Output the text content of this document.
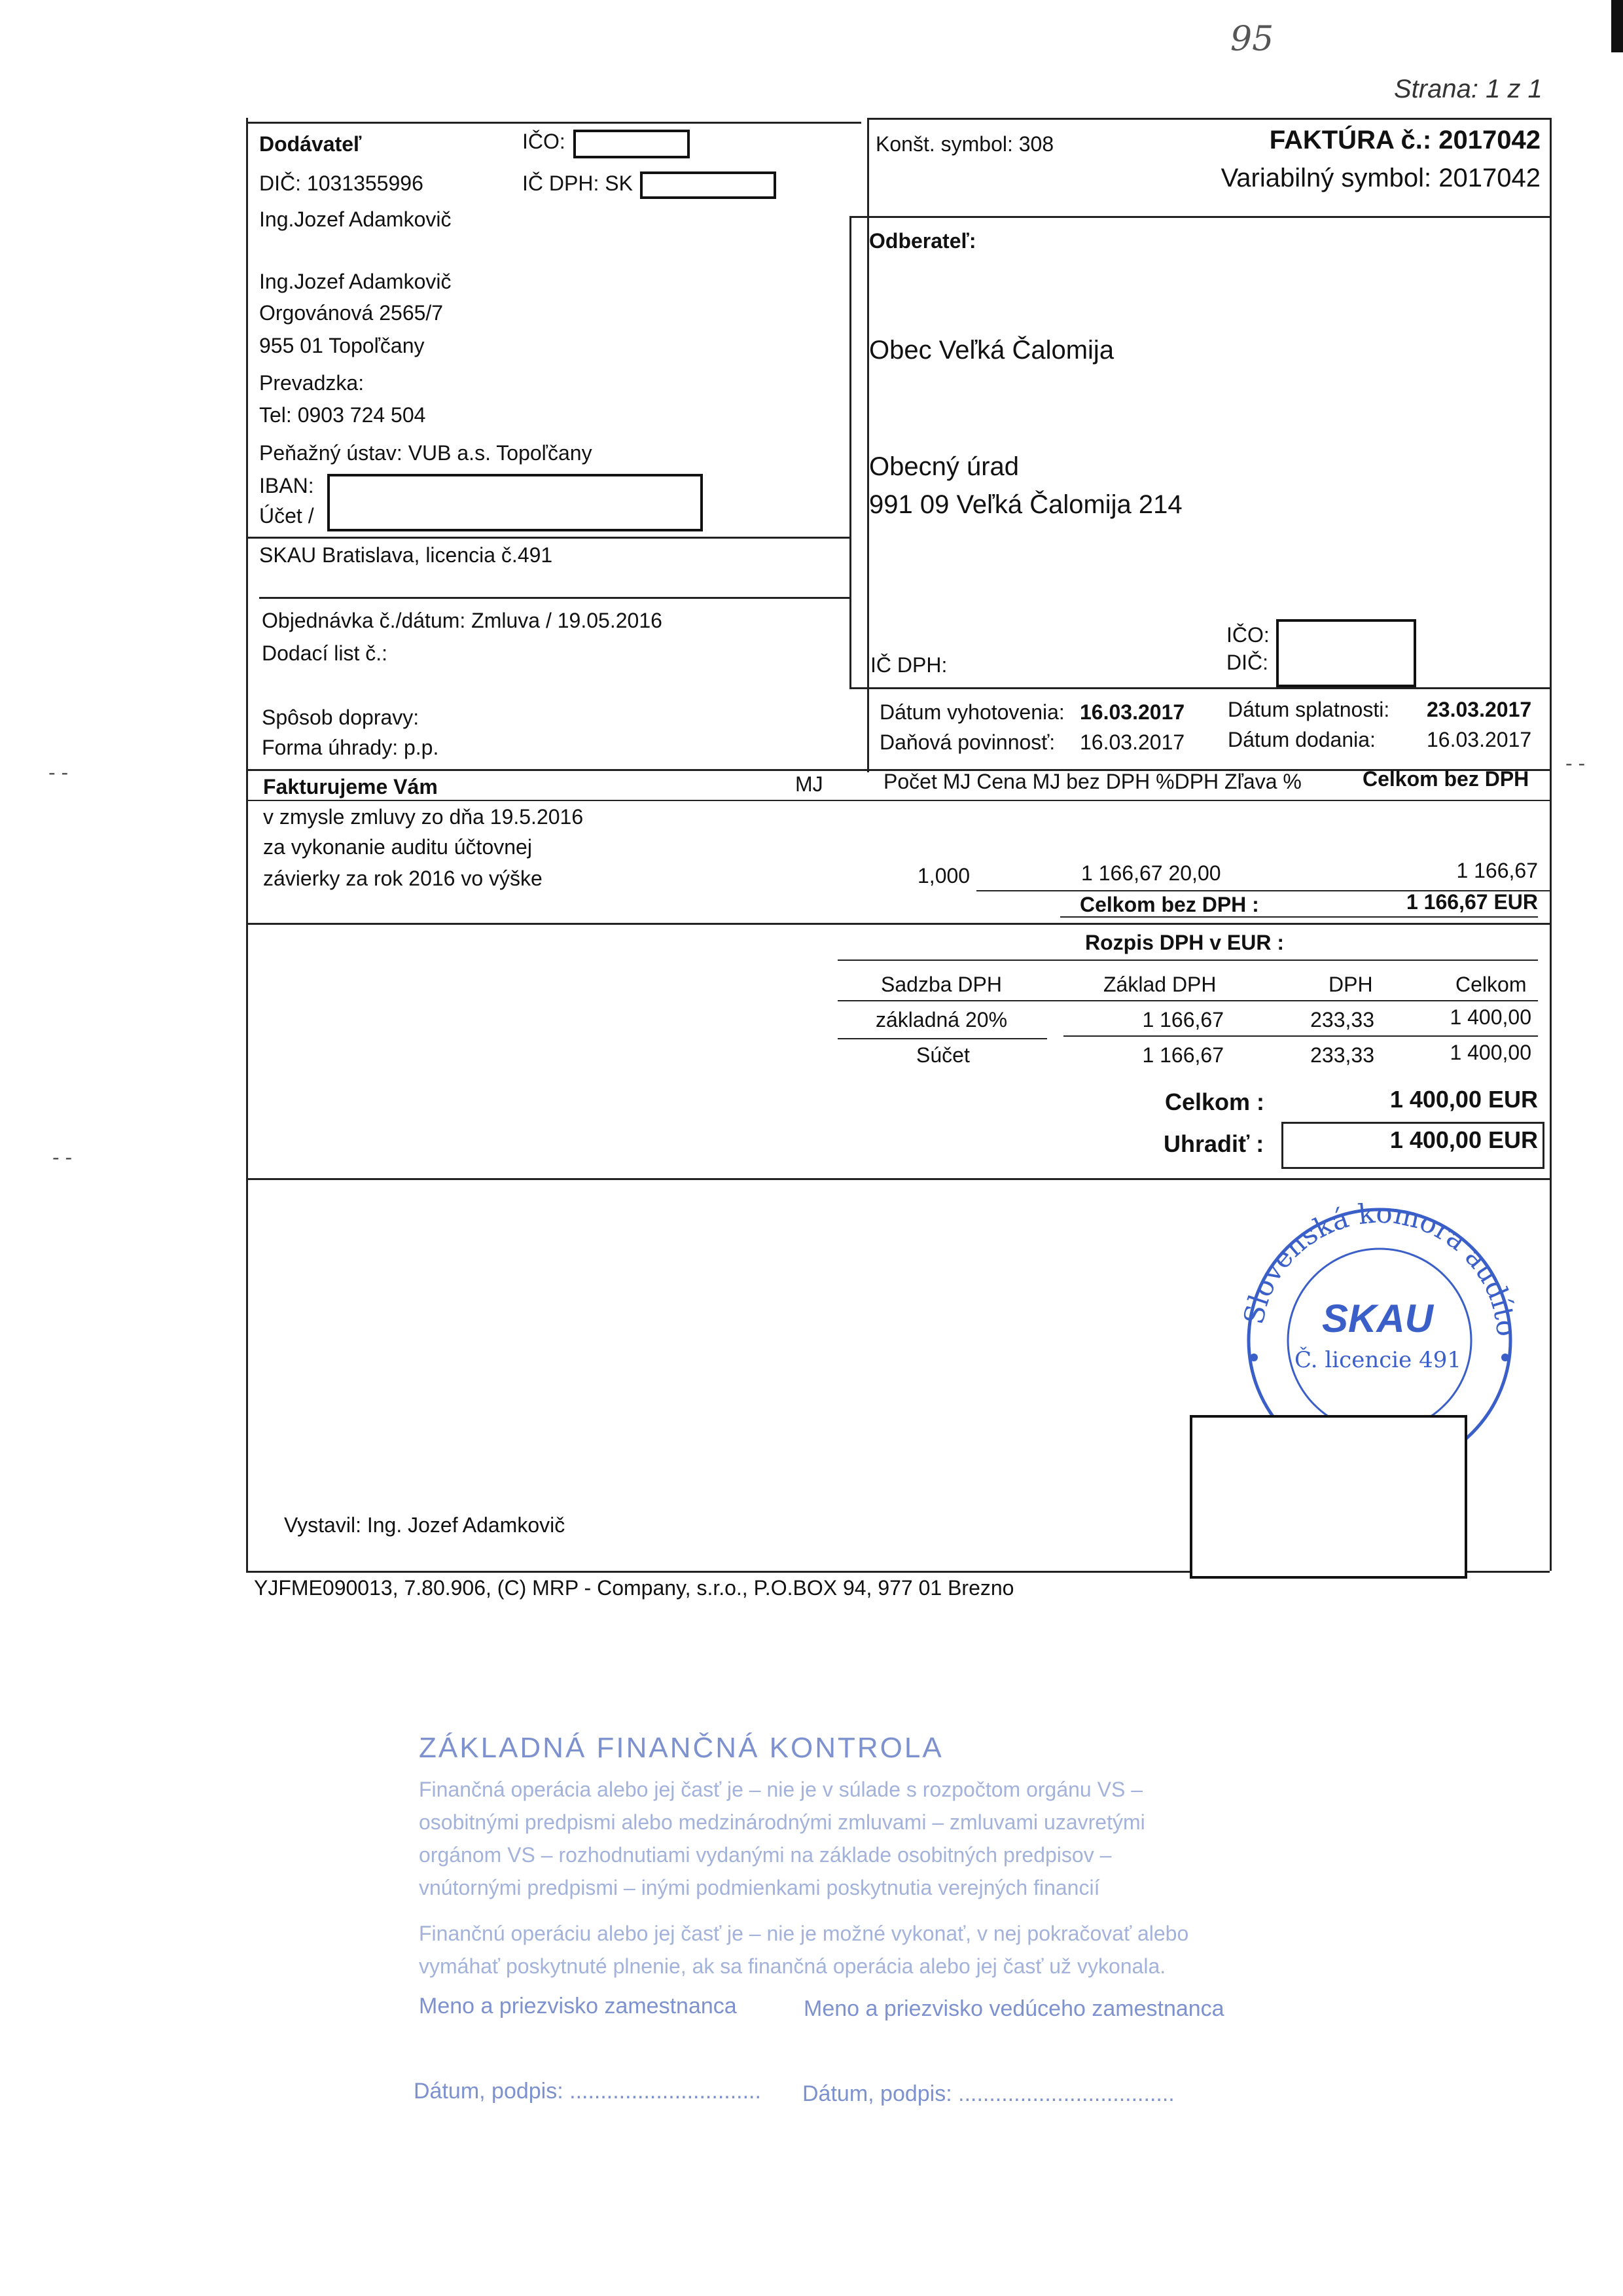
95
Strana: 1 z 1
Dodávateľ	IČO:
DIČ: 1031355996	IČ DPH: SK
Ing.Jozef Adamkovič
Ing.Jozef Adamkovič
Orgovánová 2565/7
955 01 Topoľčany
Prevadzka:
Tel: 0903 724 504
Peňažný ústav: VUB a.s. Topoľčany
IBAN:
Účet /
SKAU Bratislava, licencia č.491
Konšt. symbol: 308	FAKTÚRA č.: 2017042
Variabilný symbol: 2017042
Odberateľ:
Obec Veľká Čalomija
Obecný úrad
991 09 Veľká Čalomija 214
IČO:
DIČ:
IČ DPH:
Objednávka č./dátum: Zmluva / 19.05.2016
Dodací list č.:
Spôsob dopravy:
Forma úhrady: p.p.
Dátum vyhotovenia: 16.03.2017 Dátum splatnosti: 23.03.2017
Daňová povinnosť: 16.03.2017 Dátum dodania: 16.03.2017
Fakturujeme Vám	MJ	Počet MJ Cena MJ bez DPH %DPH Zľava %	Celkom bez DPH
v zmysle zmluvy zo dňa 19.5.2016
za vykonanie auditu účtovnej
závierky za rok 2016 vo výške	1,000	1 166,67 20,00	1 166,67
Celkom bez DPH :	1 166,67 EUR
Rozpis DPH v EUR :
Sadzba DPH	Základ DPH	DPH	Celkom
základná 20%	1 166,67	233,33	1 400,00
Súčet	1 166,67	233,33	1 400,00
Celkom :	1 400,00 EUR
Uhradiť :	1 400,00 EUR
Slovenská komora audíto
SKAU
Č. licencie 491
Vystavil: Ing. Jozef Adamkovič
YJFME090013, 7.80.906, (C) MRP - Company, s.r.o., P.O.BOX 94, 977 01 Brezno
- -
- -
- -
ZÁKLADNÁ FINANČNÁ KONTROLA
Finančná operácia alebo jej časť je – nie je v súlade s rozpočtom orgánu VS –
osobitnými predpismi alebo medzinárodnými zmluvami – zmluvami uzavretými
orgánom VS – rozhodnutiami vydanými na základe osobitných predpisov –
vnútornými predpismi – inými podmienkami poskytnutia verejných financií
Finančnú operáciu alebo jej časť je – nie je možné vykonať, v nej pokračovať alebo
vymáhať poskytnuté plnenie, ak sa finančná operácia alebo jej časť už vykonala.
Meno a priezvisko zamestnanca	Meno a priezvisko vedúceho zamestnanca
Dátum, podpis: ............................... Dátum, podpis: ...................................
